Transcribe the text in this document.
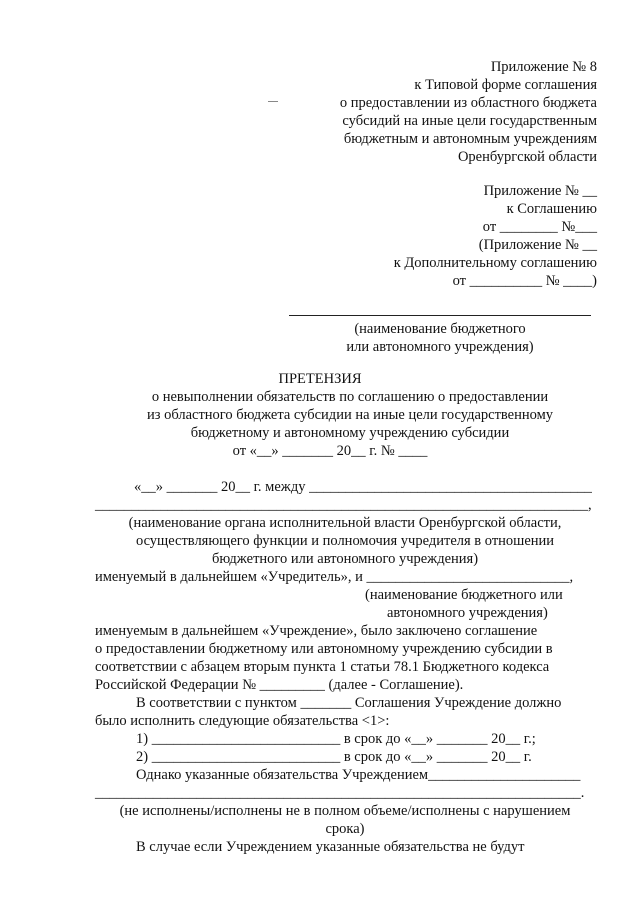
Приложение № 8
к Типовой форме соглашения
о предоставлении из областного бюджета
субсидий на иные цели государственным
бюджетным и автономным учреждениям
Оренбургской области
Приложение № __
к Соглашению
от ________ №___
(Приложение № __
к Дополнительному соглашению
от __________ № ____)
(наименование бюджетного
или автономного учреждения)
ПРЕТЕНЗИЯ
о невыполнении обязательств по соглашению о предоставлении
из областного бюджета субсидии на иные цели государственному
бюджетному и автономному учреждению субсидии
от «__» _______ 20__ г. № ____
«__» _______ 20__ г. между _______________________________________
____________________________________________________________________,
(наименование органа исполнительной власти Оренбургской области,
осуществляющего функции и полномочия учредителя в отношении
бюджетного или автономного учреждения)
именуемый в дальнейшем «Учредитель», и ____________________________,
(наименование бюджетного или
автономного учреждения)
именуемым в дальнейшем «Учреждение», было заключено соглашение
о предоставлении бюджетному или автономному учреждению субсидии в
соответствии с абзацем вторым пункта 1 статьи 78.1 Бюджетного кодекса
Российской Федерации № _________ (далее - Соглашение).
В соответствии с пунктом _______ Соглашения Учреждение должно
было исполнить следующие обязательства <1>:
1) __________________________ в срок до «__» _______ 20__ г.;
2) __________________________ в срок до «__» _______ 20__ г.
Однако указанные обязательства Учреждением_____________________
___________________________________________________________________.
(не исполнены/исполнены не в полном объеме/исполнены с нарушением
срока)
В случае если Учреждением указанные обязательства не будут
